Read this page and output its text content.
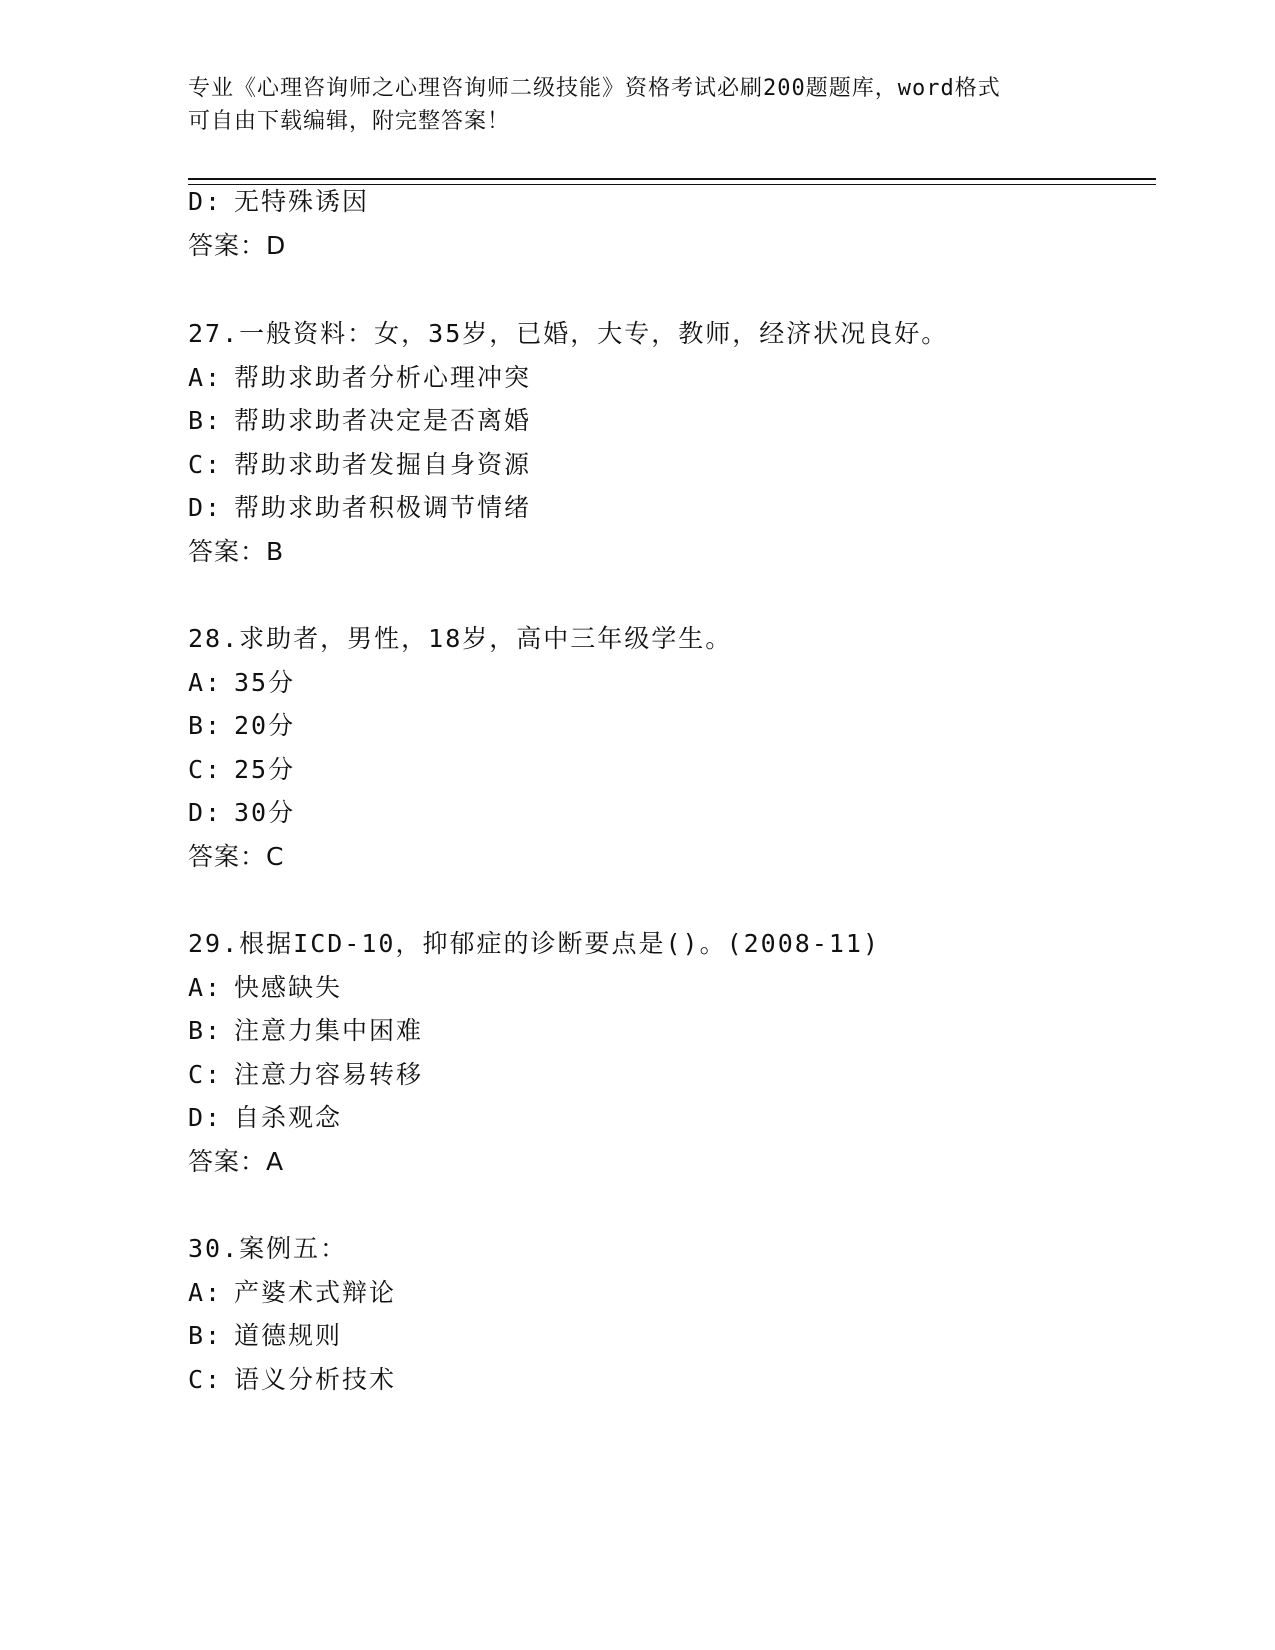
专业《心理咨询师之心理咨询师二级技能》资格考试必刷200题题库，word格式
可自由下载编辑，附完整答案！
D: 无特殊诱因
答案：D
27.一般资料：女，35岁，已婚，大专，教师，经济状况良好。
A: 帮助求助者分析心理冲突
B: 帮助求助者决定是否离婚
C: 帮助求助者发掘自身资源
D: 帮助求助者积极调节情绪
答案：B
28.求助者，男性，18岁，高中三年级学生。
A: 35分
B: 20分
C: 25分
D: 30分
答案：C
29.根据ICD-10，抑郁症的诊断要点是()。(2008-11)
A: 快感缺失
B: 注意力集中困难
C: 注意力容易转移
D: 自杀观念
答案：A
30.案例五：
A: 产婆术式辩论
B: 道德规则
C: 语义分析技术
